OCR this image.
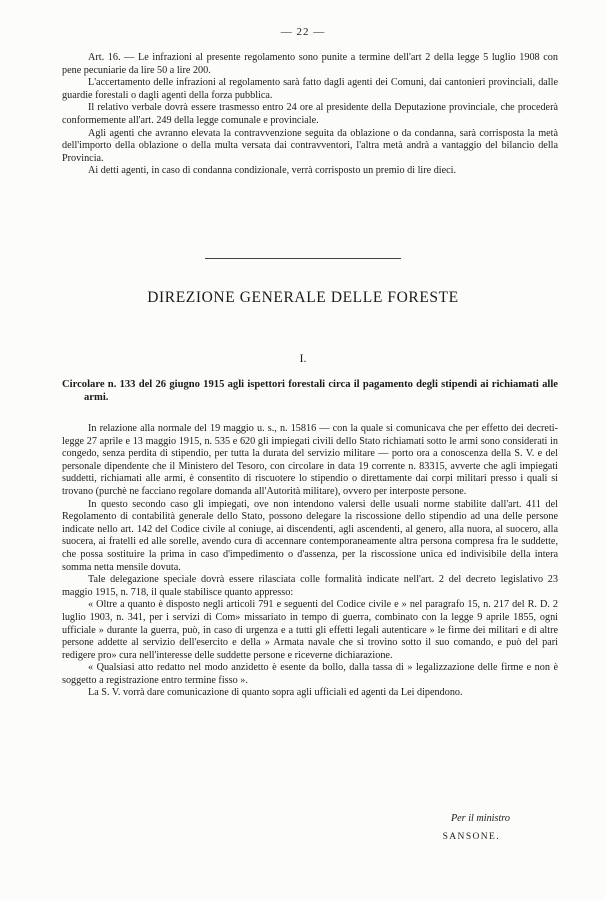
— 22 —

Art. 16. — Le infrazioni al presente regolamento sono punite a termine dell'art 2 della legge 5 luglio 1908 con pene pecuniarie da lire 50 a lire 200.

L'accertamento delle infrazioni al regolamento sarà fatto dagli agenti dei Comuni, dai cantonieri provinciali, dalle guardie forestali o dagli agenti della forza pubblica.

Il relativo verbale dovrà essere trasmesso entro 24 ore al presidente della Deputazione provinciale, che procederà conformemente all'art. 249 della legge comunale e provinciale.

Agli agenti che avranno elevata la contravvenzione seguita da oblazione o da condanna, sarà corrisposta la metà dell'importo della oblazione o della multa versata dai contravventori, l'altra metà andrà a vantaggio del bilancio della Provincia.

Ai detti agenti, in caso di condanna condizionale, verrà corrisposto un premio di lire dieci.

DIREZIONE GENERALE DELLE FORESTE
I.

Circolare n. 133 del 26 giugno 1915 agli ispettori forestali circa il pagamento degli stipendi ai richiamati alle armi.

In relazione alla normale del 19 maggio u. s., n. 15816 — con la quale si comunicava che per effetto dei decreti-legge 27 aprile e 13 maggio 1915, n. 535 e 620 gli impiegati civili dello Stato richiamati sotto le armi sono considerati in congedo, senza perdita di stipendio, per tutta la durata del servizio militare — porto ora a conoscenza della S. V. e del personale dipendente che il Ministero del Tesoro, con circolare in data 19 corrente n. 83315, avverte che agli impiegati suddetti, richiamati alle armi, è consentito di riscuotere lo stipendio o direttamente dai corpi militari presso i quali si trovano (purchè ne facciano regolare domanda all'Autorità militare), ovvero per interposte persone.

In questo secondo caso gli impiegati, ove non intendono valersi delle usuali norme stabilite dall'art. 411 del Regolamento di contabilità generale dello Stato, possono delegare la riscossione dello stipendio ad una delle persone indicate nello art. 142 del Codice civile al coniuge, ai discendenti, agli ascendenti, al genero, alla nuora, al suocero, alla suocera, ai fratelli ed alle sorelle, avendo cura di accennare contemporaneamente altra persona compresa fra le suddette, che possa sostituire la prima in caso d'impedimento o d'assenza, per la riscossione unica ed indivisibile della intera somma netta mensile dovuta.

Tale delegazione speciale dovrà essere rilasciata colle formalità indicate nell'art. 2 del decreto legislativo 23 maggio 1915, n. 718, il quale stabilisce quanto appresso:

« Oltre a quanto è disposto negli articoli 791 e seguenti del Codice civile e » nel paragrafo 15, n. 217 del R. D. 2 luglio 1903, n. 341, per i servizi di Com» missariato in tempo di guerra, combinato con la legge 9 aprile 1855, ogni ufficiale » durante la guerra, può, in caso di urgenza e a tutti gli effetti legali autenticare » le firme dei militari e di altre persone addette al servizio dell'esercito e della » Armata navale che si trovino sotto il suo comando, e può del pari redigere pro» cura nell'interesse delle suddette persone e riceverne dichiarazione.

« Qualsiasi atto redatto nel modo anzidetto è esente da bollo, dalla tassa di » legalizzazione delle firme e non è soggetto a registrazione entro termine fisso ».

La S. V. vorrà dare comunicazione di quanto sopra agli ufficiali ed agenti da Lei dipendono.

Per il ministro
SANSONE.
